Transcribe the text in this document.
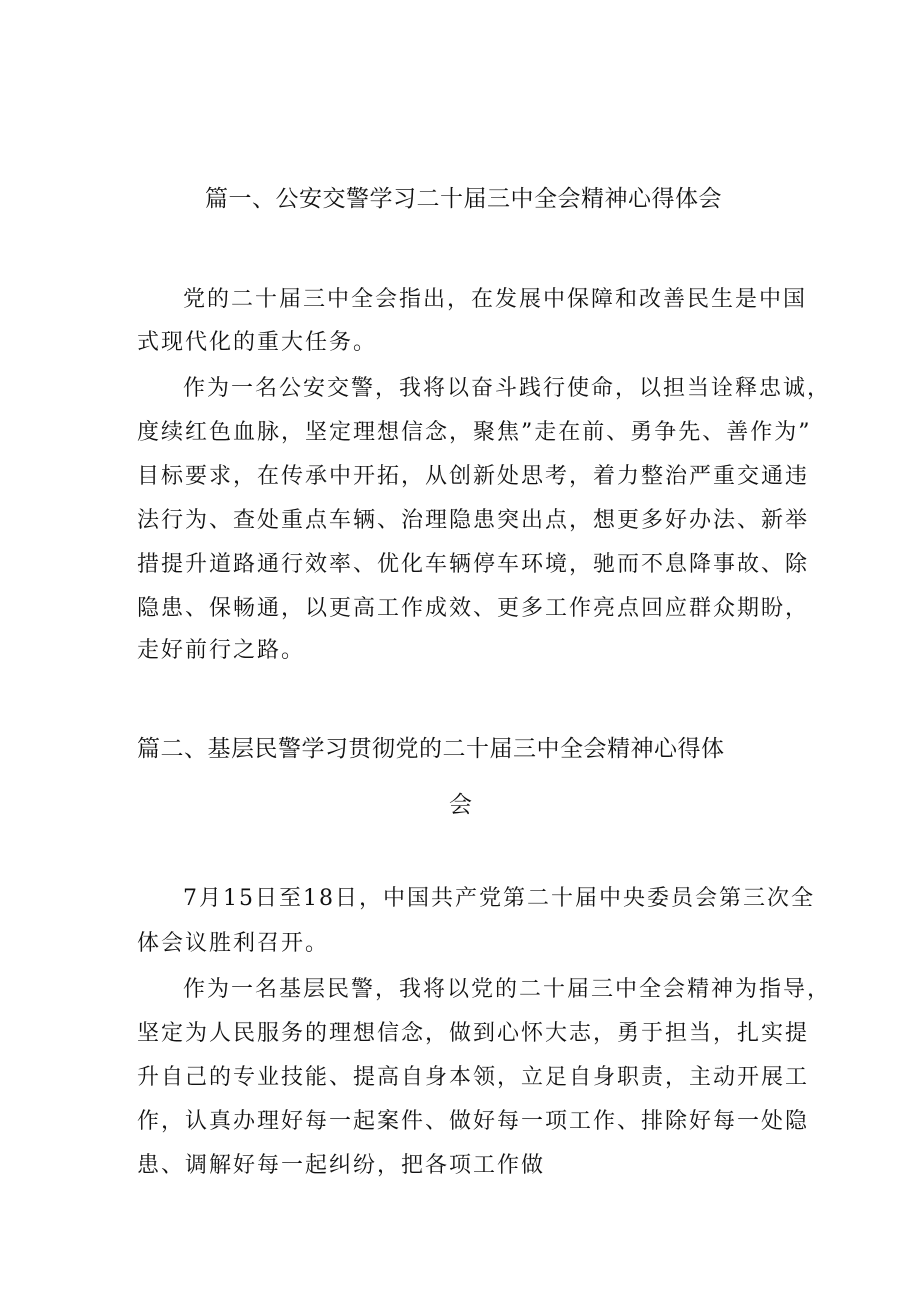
篇一、公安交警学习二十届三中全会精神心得体会
党的二十届三中全会指出，在发展中保障和改善民生是中国
式现代化的重大任务。
作为一名公安交警，我将以奋斗践行使命，以担当诠释忠诚，
度续红色血脉，坚定理想信念，聚焦”走在前、勇争先、善作为”
目标要求，在传承中开拓，从创新处思考，着力整治严重交通违
法行为、查处重点车辆、治理隐患突出点，想更多好办法、新举
措提升道路通行效率、优化车辆停车环境，驰而不息降事故、除
隐患、保畅通，以更高工作成效、更多工作亮点回应群众期盼，
走好前行之路。
篇二、基层民警学习贯彻党的二十届三中全会精神心得体
会
7月15日至18日，中国共产党第二十届中央委员会第三次全
体会议胜利召开。
作为一名基层民警，我将以党的二十届三中全会精神为指导，
坚定为人民服务的理想信念，做到心怀大志，勇于担当，扎实提
升自己的专业技能、提高自身本领，立足自身职责，主动开展工
作，认真办理好每一起案件、做好每一项工作、排除好每一处隐
患、调解好每一起纠纷，把各项工作做
